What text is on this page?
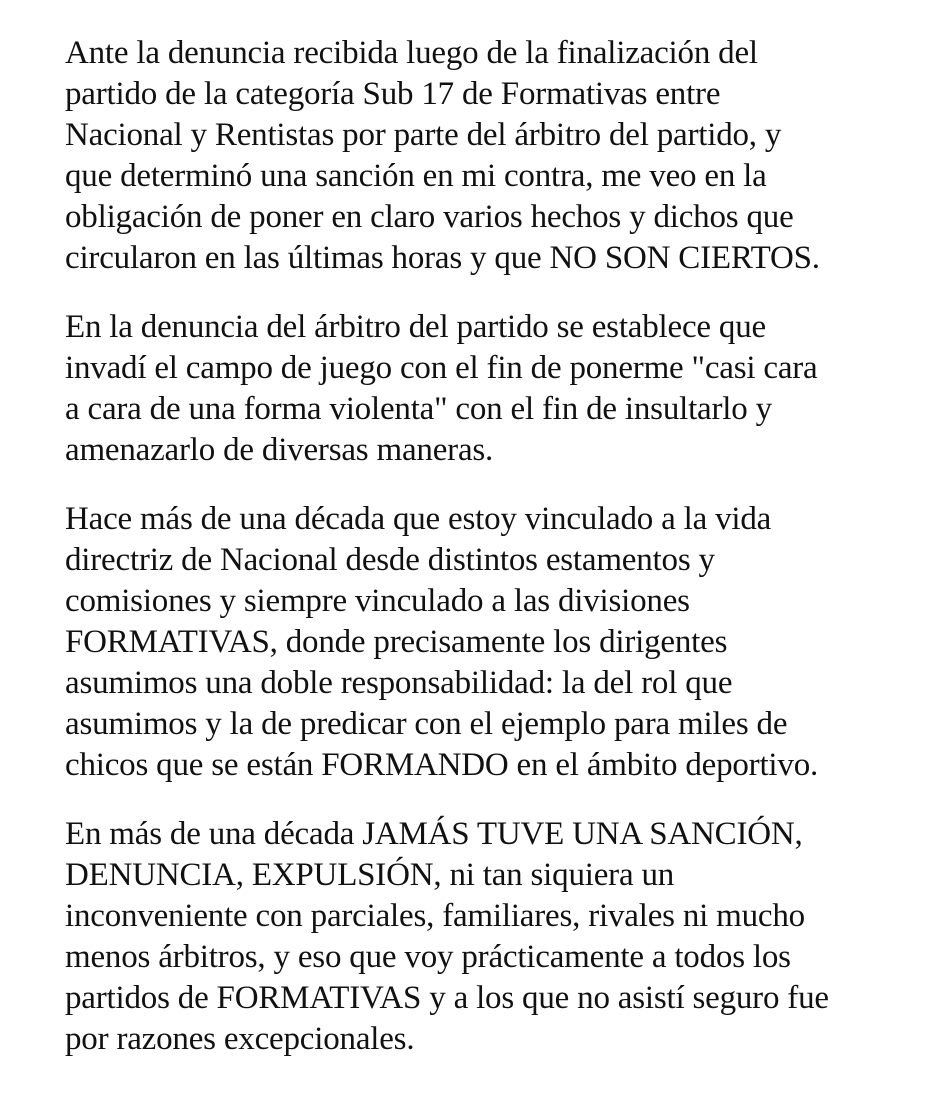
Ante la denuncia recibida luego de la finalización del
partido de la categoría Sub 17 de Formativas entre
Nacional y Rentistas por parte del árbitro del partido, y
que determinó una sanción en mi contra, me veo en la
obligación de poner en claro varios hechos y dichos que
circularon en las últimas horas y que NO SON CIERTOS.
En la denuncia del árbitro del partido se establece que
invadí el campo de juego con el fin de ponerme "casi cara
a cara de una forma violenta" con el fin de insultarlo y
amenazarlo de diversas maneras.
Hace más de una década que estoy vinculado a la vida
directriz de Nacional desde distintos estamentos y
comisiones y siempre vinculado a las divisiones
FORMATIVAS, donde precisamente los dirigentes
asumimos una doble responsabilidad: la del rol que
asumimos y la de predicar con el ejemplo para miles de
chicos que se están FORMANDO en el ámbito deportivo.
En más de una década JAMÁS TUVE UNA SANCIÓN,
DENUNCIA, EXPULSIÓN, ni tan siquiera un
inconveniente con parciales, familiares, rivales ni mucho
menos árbitros, y eso que voy prácticamente a todos los
partidos de FORMATIVAS y a los que no asistí seguro fue
por razones excepcionales.
